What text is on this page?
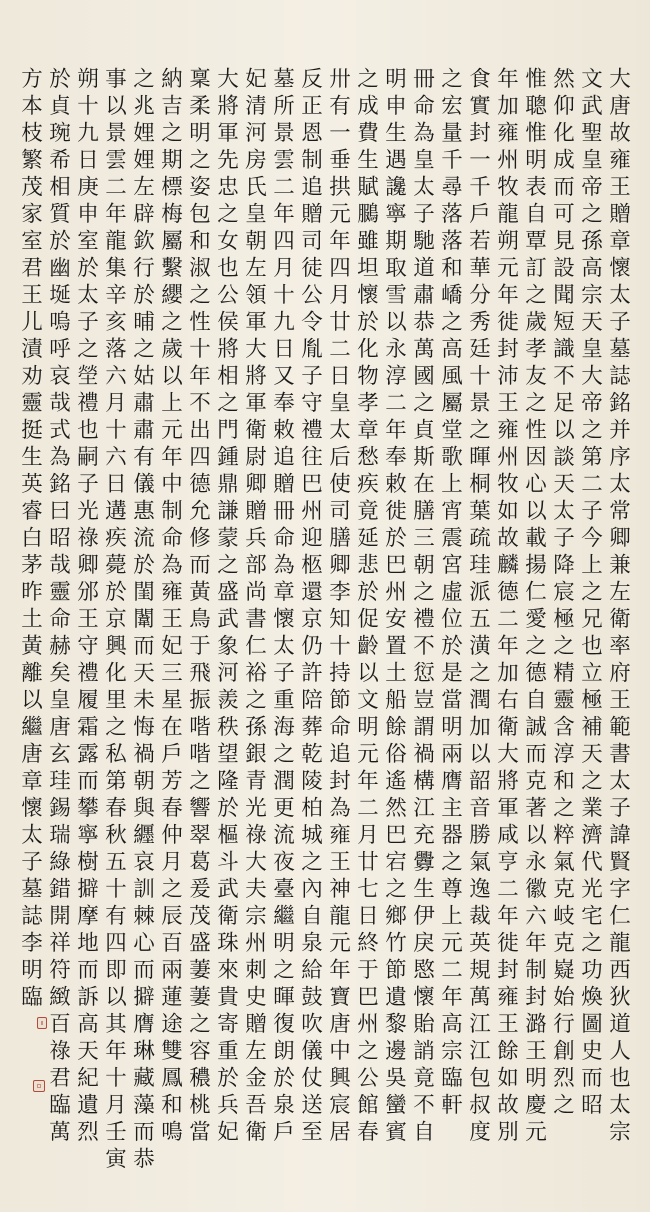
大唐故雍王贈章懷太子墓誌銘并序太常卿兼左衛率府王範書太子諱賢字仁龍西狄道人也太宗

文武聖皇帝之孫高宗天皇大帝之第二子今上之兄也立極補天之業濟代光宅之功煥圖史而昭

然仰化成而可見設聞短識不足以談天太子降宸極之精靈含淳和之粹氣克岐克嶷始行創烈之

惟聰惟明表自覃訂之歲孝友之性因心以載揚仁愛之德自誠而克著以永徽六年制封潞王明慶元

年加雍州牧龍朔元年徙封沛王雍州牧如故麟德二年加右衛大將軍咸亨二年徙封雍王餘如故別

食實封一千戶若華分秀廷十景之暉桐葉疏珪派五潢之潤加以韶音勝氣逸裁英規萬江江包叔度

之宏量千尋落落和嶠之高風屬堂歌上宵震宮虛位於是當明兩膺主器之尊上元二年高宗臨軒

冊命為皇太子馳道肅恭萬國之貞斯在膳三朝之禮不愆豈謂禍構江充釁生伊戾愍懷貽誚竟不自

明申生遇讒寧期取雪以永淳二年奉敕徙於巴州安置土船餘俗遙然巴宕之鄉竹節遺黎邊吳蠻賓

之成費生賦鵩雖坦懷於化物孝章愁疾竟延悲於促齡以文明元年二月廿七日終于巴州之公館春

卅有一垂拱元年四月廿二日皇太后使司膳卿李知十持節命追封為雍王神龍元年寶唐中興宸居

反正恩制追贈司徒公令胤子守禮往巴州迎柩還京仍許陪葬乾陵柏城之內自泉給鼓吹儀仗送至

墓所景雲二年四月十九日又奉敕追贈冊命為章懷太子重海之潤更流夜臺繼明之暉復朗於泉戶

妃清河房氏皇朝左領軍大將軍衛尉卿贈兵部尚書仁裕之孫銀青光祿大夫宗州刺史贈左金吾衛

大將軍先忠之女也公侯將相之門鍾鼎謙蒙之盛武象河羨秩望隆於樞斗武衛珠來貴寄重於兵妃

稟柔明之姿包和淑之性十年不出四德允修而黃鳥于飛振喈喈之響翠葛爰茂盛萋萋之容穠桃當

納吉之期標梅屬繫纓之歲以上元年中制命為雍王妃三星在戶芳春仲月之辰百兩蓮途雙鳳和鳴

之兆娌娌左辟欽行於晡之姑肅肅有儀惠流於閨闈而天未悔禍朝與纒哀訓棘心而擗膺琳藏藻而恭

事以景雲二年龍集辛亥落六月十六日遘疾薨於京興化里之私第春秋五十有四即以其年十月壬寅

朔十九日庚申室於太子之塋禮也嗣子光祿卿邠王守禮履霜露而攀寧樹擗摩地而訴高天紀遺烈

於貞琬希相質於幽埏嗚呼哀哉式為銘曰昭哉靈命赫矣皇唐玄珪錫瑞綠錯開祥符緻百祿君臨萬

方本枝繁茂家室君王儿漬劝靈挺生英睿白茅昨土黃離以繼唐章懷太子墓誌李明臨
